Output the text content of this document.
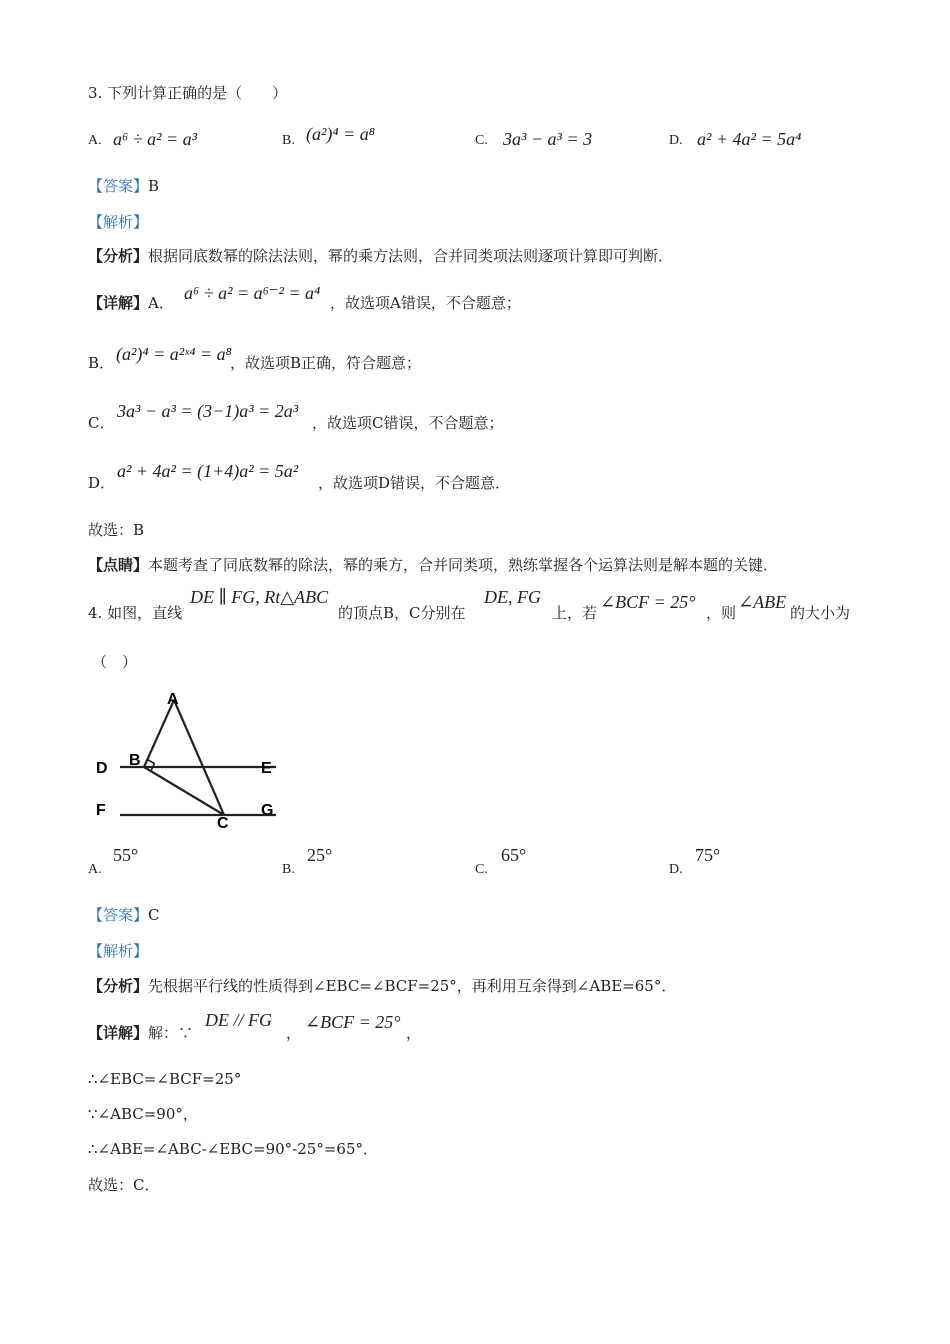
3. 下列计算正确的是（　　）
A. a⁶ ÷ a² = a³	B. (a²)⁴ = a⁸	C. 3a³ − a³ = 3	D. a² + 4a² = 5a⁴
【答案】B
【解析】
【分析】根据同底数幂的除法法则，幂的乘方法则，合并同类项法则逐项计算即可判断．
【详解】A． a⁶ ÷ a² = a⁶⁻² = a⁴ ，故选项A错误，不合题意；
B． (a²)⁴ = a²ˣ⁴ = a⁸
，故选项B正确，符合题意；
C．
3a³ − a³ = (3−1)a³ = 2a³
，故选项C错误，不合题意；
D．
a² + 4a² = (1+4)a² = 5a²
，故选项D错误，不合题意．
故选：B
【点睛】本题考查了同底数幂的除法，幂的乘方，合并同类项，熟练掌握各个运算法则是解本题的关键．
4. 如图，直线
DE ∥ FG, Rt△ABC
的顶点B，C分别在
DE, FG
上，若
∠BCF = 25°
，则
∠ABE
的大小为
（　）
A
B
C
D	E
F	G
A.
55°
B.
25°
C.
65°
D.
75°
【答案】C
【解析】
【分析】先根据平行线的性质得到∠EBC=∠BCF=25°，再利用互余得到∠ABE=65°．
【详解】解：∵
DE // FG
，
∠BCF = 25°
，
∴∠EBC=∠BCF=25°
∵∠ABC=90°，
∴∠ABE=∠ABC-∠EBC=90°-25°=65°．
故选：C．
